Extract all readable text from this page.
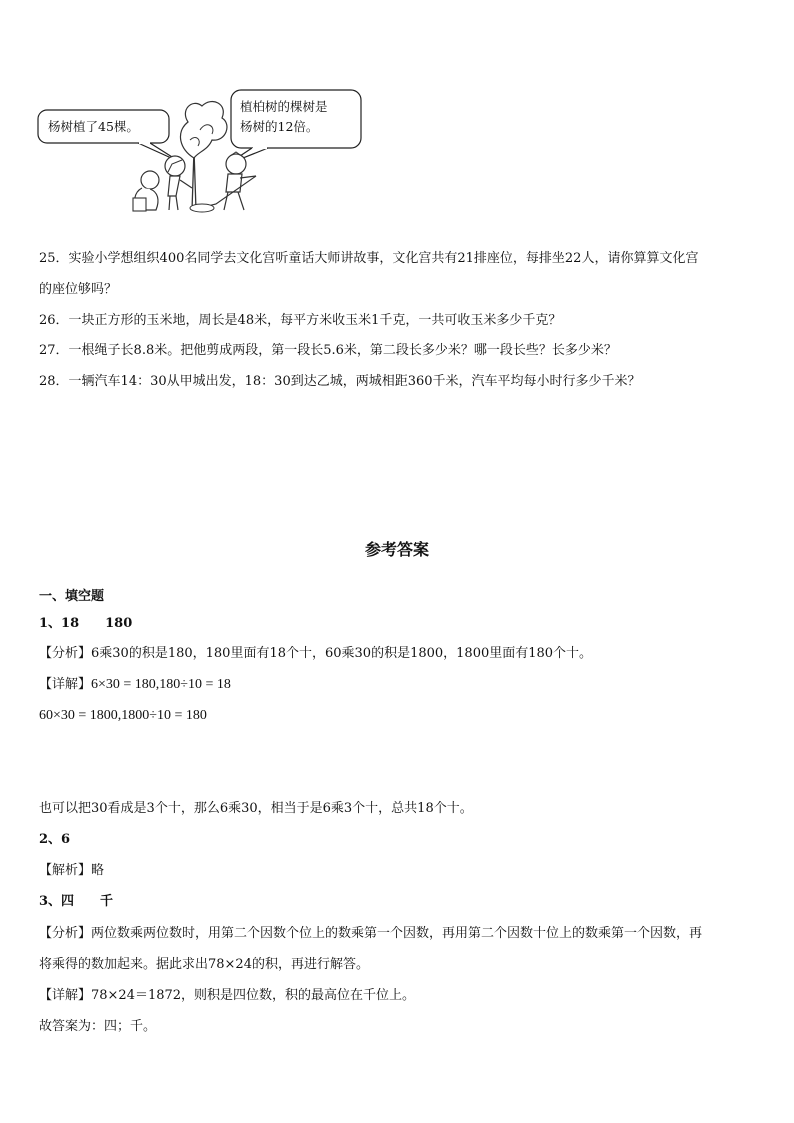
杨树植了45棵。
植柏树的棵树是
杨树的12倍。
25．实验小学想组织400名同学去文化宫听童话大师讲故事，文化宫共有21排座位，每排坐22人，请你算算文化宫
的座位够吗？
26．一块正方形的玉米地，周长是48米，每平方米收玉米1千克，一共可收玉米多少千克？
27．一根绳子长8.8米。把他剪成两段，第一段长5.6米，第二段长多少米？哪一段长些？长多少米？
28．一辆汽车14：30从甲城出发，18：30到达乙城，两城相距360千米，汽车平均每小时行多少千米？
参考答案
一、填空题
1、18　　180
【分析】6乘30的积是180，180里面有18个十，60乘30的积是1800，1800里面有180个十。
【详解】6×30 = 180,180÷10 = 18
60×30 = 1800,1800÷10 = 180
也可以把30看成是3个十，那么6乘30，相当于是6乘3个十，总共18个十。
2、6
【解析】略
3、四　　千
【分析】两位数乘两位数时，用第二个因数个位上的数乘第一个因数，再用第二个因数十位上的数乘第一个因数，再
将乘得的数加起来。据此求出78×24的积，再进行解答。
【详解】78×24＝1872，则积是四位数，积的最高位在千位上。
故答案为：四；千。
